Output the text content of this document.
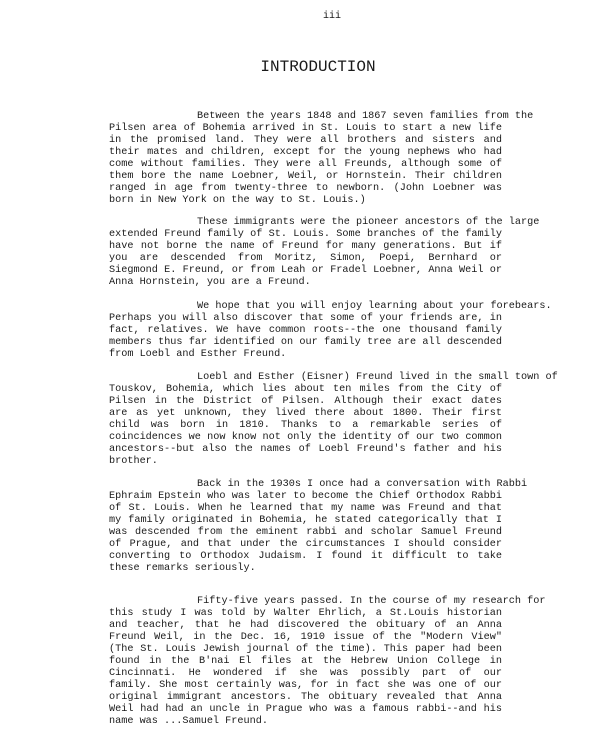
iii
INTRODUCTION
Between the years 1848 and 1867 seven families from the
Pilsen area of Bohemia arrived in St. Louis to start a new life
in the promised land. They were all brothers and sisters and
their mates and children, except for the young nephews who had
come without families. They were all Freunds, although some of
them bore the name Loebner, Weil, or Hornstein. Their children
ranged in age from twenty-three to newborn. (John Loebner was
born in New York on the way to St. Louis.)
These immigrants were the pioneer ancestors of the large
extended Freund family of St. Louis. Some branches of the family
have not borne the name of Freund for many generations. But if
you are descended from Moritz, Simon, Poepi, Bernhard or
Siegmond E. Freund, or from Leah or Fradel Loebner, Anna Weil or
Anna Hornstein, you are a Freund.
We hope that you will enjoy learning about your forebears.
Perhaps you will also discover that some of your friends are, in
fact, relatives. We have common roots--the one thousand family
members thus far identified on our family tree are all descended
from Loebl and Esther Freund.
Loebl and Esther (Eisner) Freund lived in the small town of
Touskov, Bohemia, which lies about ten miles from the City of
Pilsen in the District of Pilsen. Although their exact dates
are as yet unknown, they lived there about 1800. Their first
child was born in 1810. Thanks to a remarkable series of
coincidences we now know not only the identity of our two common
ancestors--but also the names of Loebl Freund's father and his
brother.
Back in the 1930s I once had a conversation with Rabbi
Ephraim Epstein who was later to become the Chief Orthodox Rabbi
of St. Louis. When he learned that my name was Freund and that
my family originated in Bohemia, he stated categorically that I
was descended from the eminent rabbi and scholar Samuel Freund
of Prague, and that under the circumstances I should consider
converting to Orthodox Judaism. I found it difficult to take
these remarks seriously.
Fifty-five years passed. In the course of my research for
this study I was told by Walter Ehrlich, a St.Louis historian
and teacher, that he had discovered the obituary of an Anna
Freund Weil, in the Dec. 16, 1910 issue of the "Modern View"
(The St. Louis Jewish journal of the time). This paper had been
found in the B'nai El files at the Hebrew Union College in
Cincinnati. He wondered if she was possibly part of our
family. She most certainly was, for in fact she was one of our
original immigrant ancestors. The obituary revealed that Anna
Weil had had an uncle in Prague who was a famous rabbi--and his
name was ...Samuel Freund.
